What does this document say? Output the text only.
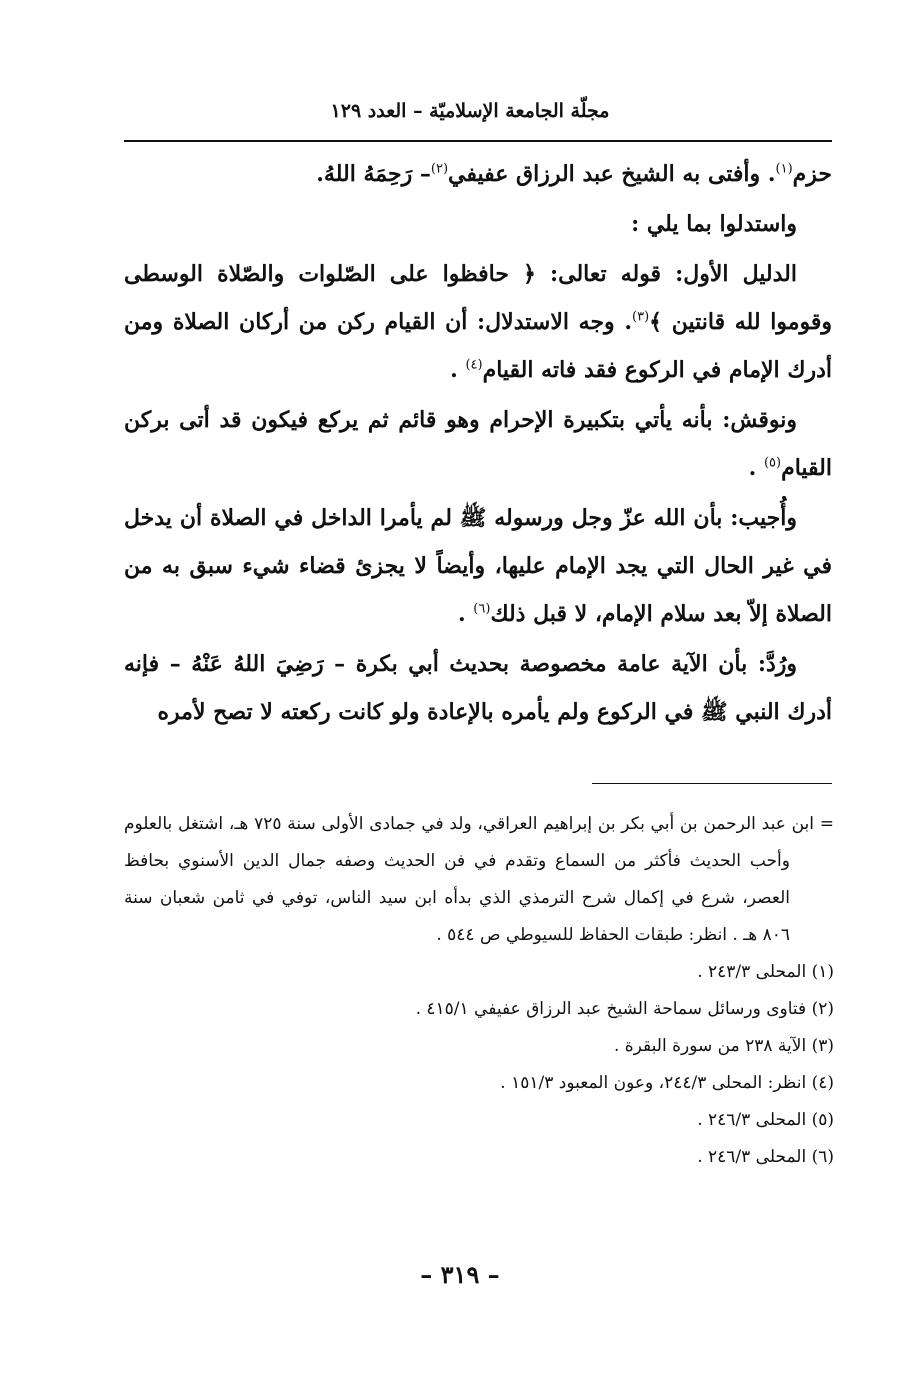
مجلّة الجامعة الإسلاميّة – العدد ١٢٩

حزم$^{(١)}$. وأفتى به الشيخ عبد الرزاق عفيفي$^{(٢)}$– رَحِمَهُ اللهُ.

واستدلوا بما يلي :

الدليل الأول: قوله تعالى: ﴿ حافظوا على الصّلوات والصّلاة الوسطى وقوموا لله قانتين ﴾$^{(٣)}$. وجه الاستدلال: أن القيام ركن من أركان الصلاة ومن أدرك الإمام في الركوع فقد فاته القيام$^{(٤)}$ .

ونوقش: بأنه يأتي بتكبيرة الإحرام وهو قائم ثم يركع فيكون قد أتى بركن القيام$^{(٥)}$ .

وأُجيب: بأن الله عزّ وجل ورسوله ﷺ لم يأمرا الداخل في الصلاة أن يدخل في غير الحال التي يجد الإمام عليها، وأيضاً لا يجزئ قضاء شيء سبق به من الصلاة إلاّ بعد سلام الإمام، لا قبل ذلك$^{(٦)}$ .

ورُدَّ: بأن الآية عامة مخصوصة بحديث أبي بكرة – رَضِيَ اللهُ عَنْهُ – فإنه أدرك النبي ﷺ في الركوع ولم يأمره بالإعادة ولو كانت ركعته لا تصح لأمره

= ابن عبد الرحمن بن أبي بكر بن إبراهيم العراقي، ولد في جمادى الأولى سنة ٧٢٥ هـ، اشتغل بالعلوم وأحب الحديث فأكثر من السماع وتقدم في فن الحديث وصفه جمال الدين الأسنوي بحافظ العصر، شرع في إكمال شرح الترمذي الذي بدأه ابن سيد الناس، توفي في ثامن شعبان سنة ٨٠٦ هـ . انظر: طبقات الحفاظ للسيوطي ص ٥٤٤ .

(١) المحلى ٢٤٣/٣ .

(٢) فتاوى ورسائل سماحة الشيخ عبد الرزاق عفيفي ٤١٥/١ .

(٣) الآية ٢٣٨ من سورة البقرة .

(٤) انظر: المحلى ٢٤٤/٣، وعون المعبود ١٥١/٣ .

(٥) المحلى ٢٤٦/٣ .

(٦) المحلى ٢٤٦/٣ .

– ٣١٩ –
